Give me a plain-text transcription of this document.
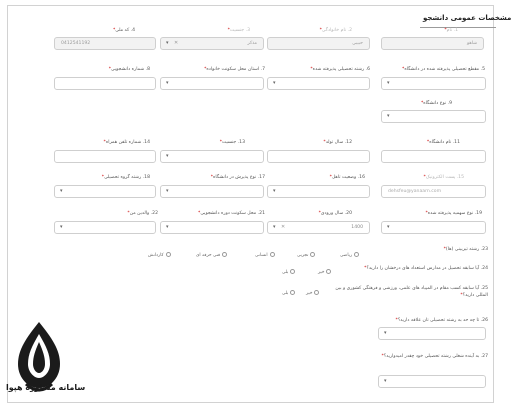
مشخصات عمومی دانشجو
1. نام*
شاهو
2. نام خانوادگی*
حبیبی
3. جنسیت*
مذکر
✕
▾
4. کد ملی*
0412541192
5. مقطع تحصیلی پذیرفته شده در دانشگاه*
▾
6. رشته تحصیلی پذیرفته شده*
▾
7. استان محل سکونت خانواده*
▾
8. شماره دانشجویی*
9. نوع دانشگاه*
▾
11. نام دانشگاه*
12. سال تولد*
13. جنسیت*
▾
14. شماره تلفن همراه*
15. پست الکترونیک*
dehsfeu@yanaarn.com
16. وضعیت تاهل*
▾
17. نوع پذیرش در دانشگاه*
▾
18. رشته گروه تحصیلی*
▾
19. نوع سهمیه پذیرفته شده*
▾
20. سال ورودی*
1400
✕
▾
21. محل سکونت دوره دانشجویی*
▾
22. والدین من*
▾
23. رشته تیزبینی (ها)*
ریاضی
تجربی
انسانی
فنی حرفه ای
کاردانش
24. آیا سابقه تحصیل در مدارس استعداد های درخشان را دارید؟*
خیر
بلی
25. آیا سابقه کسب مقام در المپیاد های علمی، ورزشی و فرهنگی کشوری و بین المللی دارید؟*
خیر
بلی
26. تا چه حد به رشته تحصیلی تان علاقه دارید؟*
▾
27. به آینده شغلی رشته تحصیلی خود چقدر امیدوارید؟*
▾
سامانه مشاوره هپوا
